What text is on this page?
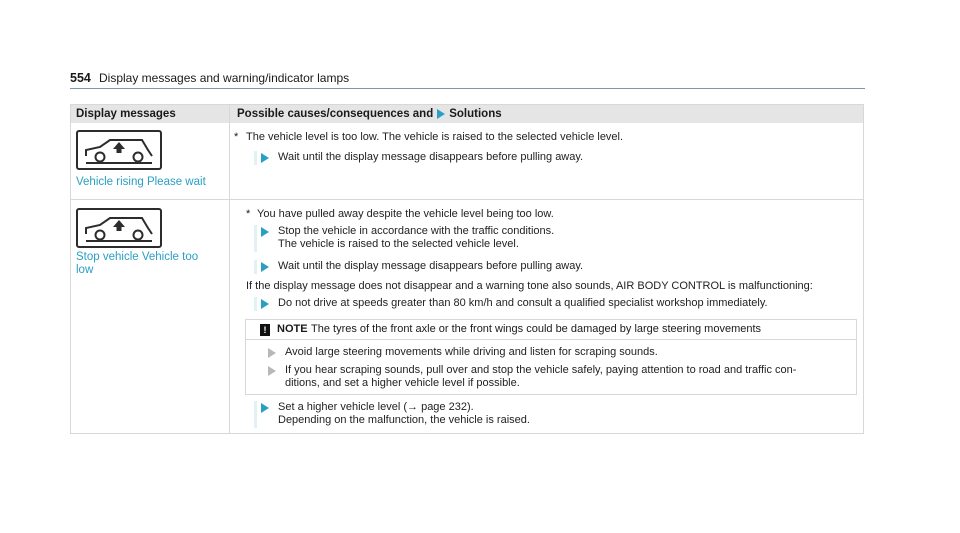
554 Display messages and warning/indicator lamps
Display messages	Possible causes/consequences and Solutions
Vehicle rising Please wait
* The vehicle level is too low. The vehicle is raised to the selected vehicle level.
Wait until the display message disappears before pulling away.
Stop vehicle Vehicle too
low
* You have pulled away despite the vehicle level being too low.
Stop the vehicle in accordance with the traffic conditions.
The vehicle is raised to the selected vehicle level.
Wait until the display message disappears before pulling away.
If the display message does not disappear and a warning tone also sounds, AIR BODY CONTROL is malfunctioning:
Do not drive at speeds greater than 80 km/h and consult a qualified specialist workshop immediately.
Set a higher vehicle level (→ page 232).
Depending on the malfunction, the vehicle is raised.
! NOTE The tyres of the front axle or the front wings could be damaged by large steering movements
Avoid large steering movements while driving and listen for scraping sounds.
If you hear scraping sounds, pull over and stop the vehicle safely, paying attention to road and traffic con-
ditions, and set a higher vehicle level if possible.
